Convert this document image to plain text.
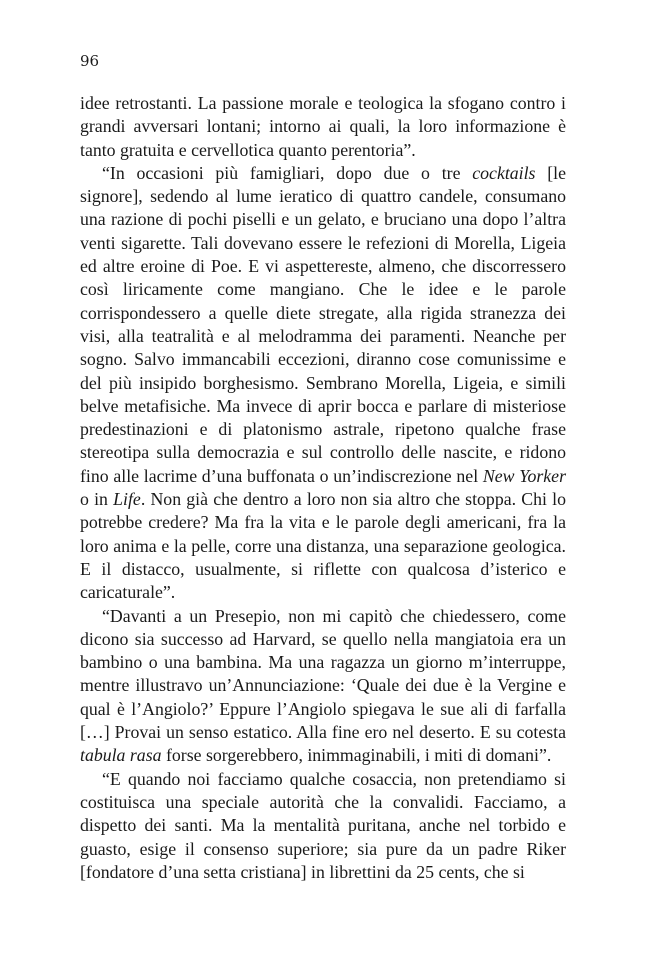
96

idee retrostanti. La passione morale e teologica la sfogano contro i grandi avversari lontani; intorno ai quali, la loro informazione è tanto gratuita e cervellotica quanto perentoria”.

“In occasioni più famigliari, dopo due o tre cocktails [le signore], sedendo al lume ieratico di quattro candele, consumano una razione di pochi piselli e un gelato, e bruciano una dopo l’altra venti sigarette. Tali dovevano essere le refezioni di Morella, Ligeia ed altre eroine di Poe. E vi aspettereste, almeno, che discorressero così liricamente come mangiano. Che le idee e le parole corrispondessero a quelle diete stregate, alla rigida stranezza dei visi, alla teatralità e al melodramma dei paramenti. Neanche per sogno. Salvo immancabili eccezioni, diranno cose comunissime e del più insipido borghesismo. Sembrano Morella, Ligeia, e simili belve metafisiche. Ma invece di aprir bocca e parlare di misteriose predestinazioni e di platonismo astrale, ripetono qualche frase stereotipa sulla democrazia e sul controllo delle nascite, e ridono fino alle lacrime d’una buffonata o un’indiscrezione nel New Yorker o in Life. Non già che dentro a loro non sia altro che stoppa. Chi lo potrebbe credere? Ma fra la vita e le parole degli americani, fra la loro anima e la pelle, corre una distanza, una separazione geologica. E il distacco, usualmente, si riflette con qualcosa d’isterico e caricaturale”.

“Davanti a un Presepio, non mi capitò che chiedessero, come dicono sia successo ad Harvard, se quello nella mangiatoia era un bambino o una bambina. Ma una ragazza un giorno m’interruppe, mentre illustravo un’Annunciazione: ‘Quale dei due è la Vergine e qual è l’Angiolo?’ Eppure l’Angiolo spiegava le sue ali di farfalla […] Provai un senso estatico. Alla fine ero nel deserto. E su cotesta tabula rasa forse sorgerebbero, inimmaginabili, i miti di domani”.

“E quando noi facciamo qualche cosaccia, non pretendiamo si costituisca una speciale autorità che la convalidi. Facciamo, a dispetto dei santi. Ma la mentalità puritana, anche nel torbido e guasto, esige il consenso superiore; sia pure da un padre Riker [fondatore d’una setta cristiana] in librettini da 25 cents, che si
